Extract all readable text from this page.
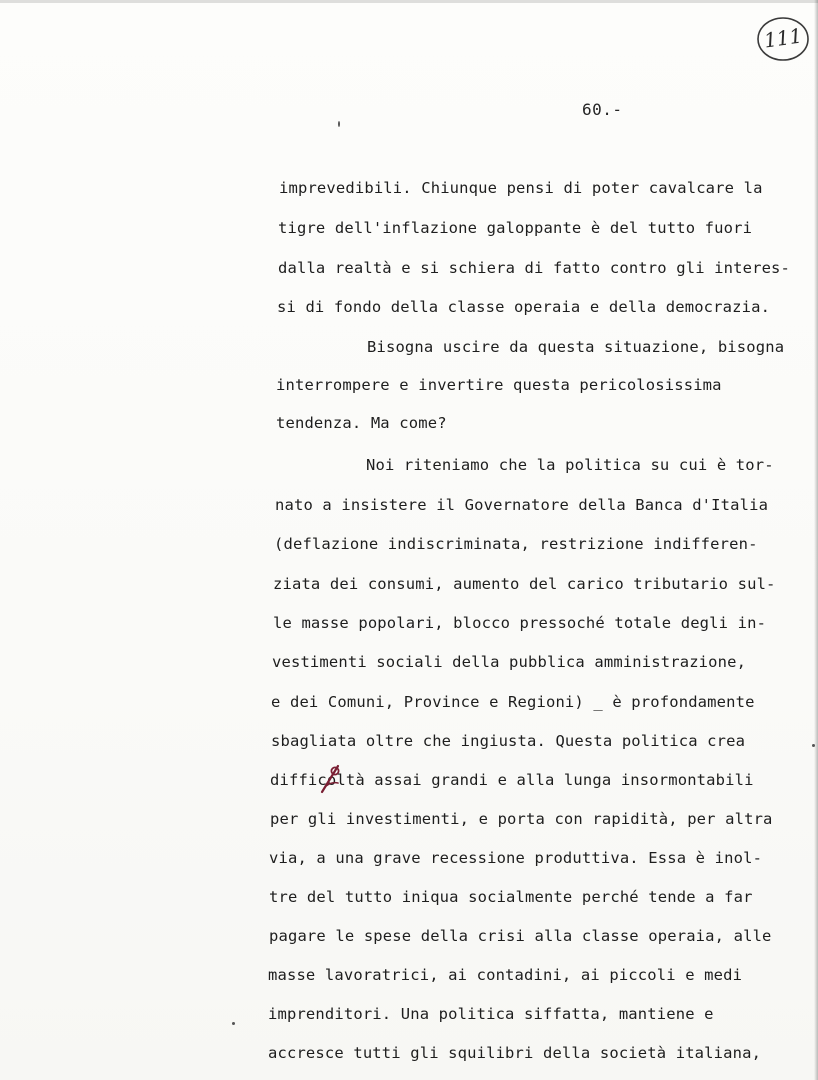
111
60.-
imprevedibili. Chiunque pensi di poter cavalcare la
tigre dell'inflazione galoppante è del tutto fuori
dalla realtà e si schiera di fatto contro gli interes-
si di fondo della classe operaia e della democrazia.
Bisogna uscire da questa situazione, bisogna
interrompere e invertire questa pericolosissima
tendenza. Ma come?
Noi riteniamo che la politica su cui è tor-
nato a insistere il Governatore della Banca d'Italia
(deflazione indiscriminata, restrizione indifferen-
ziata dei consumi, aumento del carico tributario sul-
le masse popolari, blocco pressoché totale degli in-
vestimenti sociali della pubblica amministrazione,
e dei Comuni, Province e Regioni) _ è profondamente
sbagliata oltre che ingiusta. Questa politica crea
difficoltà assai grandi e alla lunga insormontabili
per gli investimenti, e porta con rapidità, per altra
via, a una grave recessione produttiva. Essa è inol-
tre del tutto iniqua socialmente perché tende a far
pagare le spese della crisi alla classe operaia, alle
masse lavoratrici, ai contadini, ai piccoli e medi
imprenditori. Una politica siffatta, mantiene e
accresce tutti gli squilibri della società italiana,
